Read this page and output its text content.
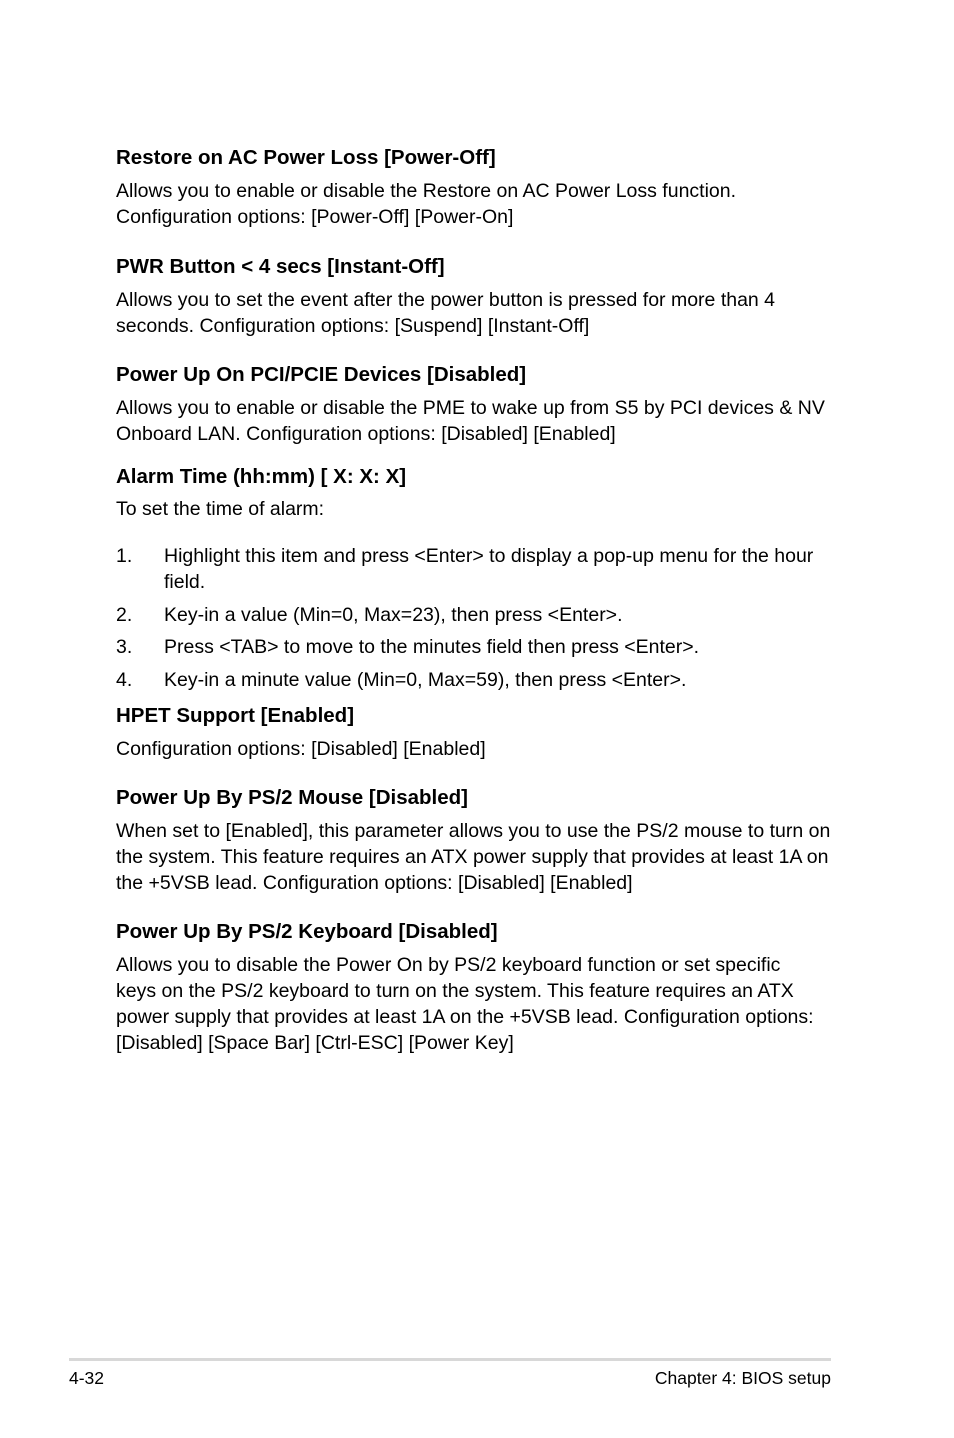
Restore on AC Power Loss [Power-Off]
Allows you to enable or disable the Restore on AC Power Loss function.
Configuration options: [Power-Off] [Power-On]
PWR Button < 4 secs [Instant-Off]
Allows you to set the event after the power button is pressed for more than 4
seconds. Configuration options: [Suspend] [Instant-Off]
Power Up On PCI/PCIE Devices [Disabled]
Allows you to enable or disable the PME to wake up from S5 by PCI devices & NV
Onboard LAN. Configuration options: [Disabled] [Enabled]
Alarm Time (hh:mm) [ X: X: X]
To set the time of alarm:
1. Highlight this item and press <Enter> to display a pop-up menu for the hour
field.
2. Key-in a value (Min=0, Max=23), then press <Enter>.
3. Press <TAB> to move to the minutes field then press <Enter>.
4. Key-in a minute value (Min=0, Max=59), then press <Enter>.
HPET Support [Enabled]
Configuration options: [Disabled] [Enabled]
Power Up By PS/2 Mouse [Disabled]
When set to [Enabled], this parameter allows you to use the PS/2 mouse to turn on
the system. This feature requires an ATX power supply that provides at least 1A on
the +5VSB lead. Configuration options: [Disabled] [Enabled]
Power Up By PS/2 Keyboard [Disabled]
Allows you to disable the Power On by PS/2 keyboard function or set specific
keys on the PS/2 keyboard to turn on the system. This feature requires an ATX
power supply that provides at least 1A on the +5VSB lead. Configuration options:
[Disabled] [Space Bar] [Ctrl-ESC] [Power Key]
4-32	Chapter 4: BIOS setup
